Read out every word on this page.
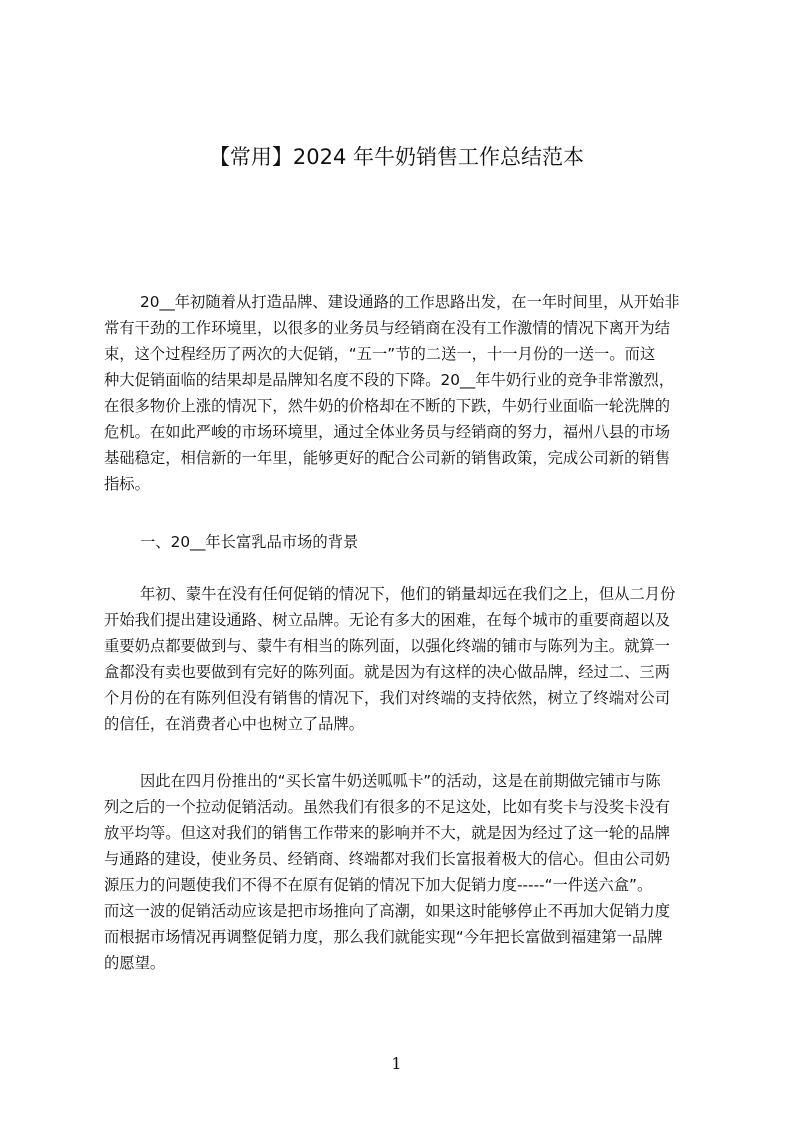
【常用】2024 年牛奶销售工作总结范本
20__年初随着从打造品牌、建设通路的工作思路出发，在一年时间里，从开始非
常有干劲的工作环境里，以很多的业务员与经销商在没有工作激情的情况下离开为结
束，这个过程经历了两次的大促销，“五一”节的二送一，十一月份的一送一。而这
种大促销面临的结果却是品牌知名度不段的下降。20__年牛奶行业的竞争非常激烈，
在很多物价上涨的情况下，然牛奶的价格却在不断的下跌，牛奶行业面临一轮洗牌的
危机。在如此严峻的市场环境里，通过全体业务员与经销商的努力，福州八县的市场
基础稳定，相信新的一年里，能够更好的配合公司新的销售政策，完成公司新的销售
指标。
一、20__年长富乳品市场的背景
年初、蒙牛在没有任何促销的情况下，他们的销量却远在我们之上，但从二月份
开始我们提出建设通路、树立品牌。无论有多大的困难，在每个城市的重要商超以及
重要奶点都要做到与、蒙牛有相当的陈列面，以强化终端的铺市与陈列为主。就算一
盒都没有卖也要做到有完好的陈列面。就是因为有这样的决心做品牌，经过二、三两
个月份的在有陈列但没有销售的情况下，我们对终端的支持依然，树立了终端对公司
的信任，在消费者心中也树立了品牌。
因此在四月份推出的“买长富牛奶送呱呱卡”的活动，这是在前期做完铺市与陈
列之后的一个拉动促销活动。虽然我们有很多的不足这处，比如有奖卡与没奖卡没有
放平均等。但这对我们的销售工作带来的影响并不大，就是因为经过了这一轮的品牌
与通路的建设，使业务员、经销商、终端都对我们长富报着极大的信心。但由公司奶
源压力的问题使我们不得不在原有促销的情况下加大促销力度-----“一件送六盒”。
而这一波的促销活动应该是把市场推向了高潮，如果这时能够停止不再加大促销力度
而根据市场情况再调整促销力度，那么我们就能实现“今年把长富做到福建第一品牌
的愿望。
1
